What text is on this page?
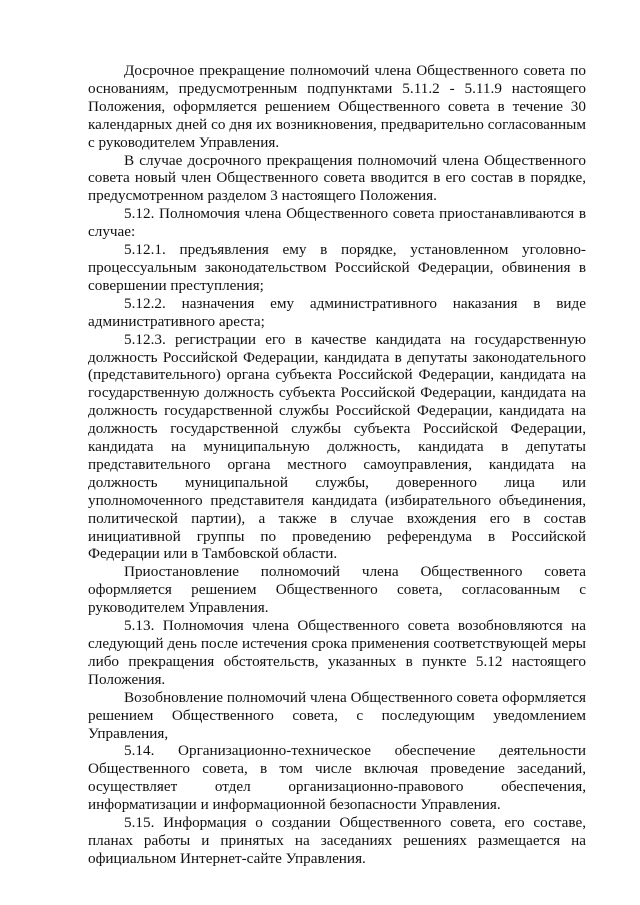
Досрочное прекращение полномочий члена Общественного совета по основаниям, предусмотренным подпунктами 5.11.2 - 5.11.9 настоящего Положения, оформляется решением Общественного совета в течение 30 календарных дней со дня их возникновения, предварительно согласованным с руководителем Управления.

В случае досрочного прекращения полномочий члена Общественного совета новый член Общественного совета вводится в его состав в порядке, предусмотренном разделом 3 настоящего Положения.

5.12. Полномочия члена Общественного совета приостанавливаются в случае:

5.12.1. предъявления ему в порядке, установленном уголовно-процессуальным законодательством Российской Федерации, обвинения в совершении преступления;

5.12.2. назначения ему административного наказания в виде административного ареста;

5.12.3. регистрации его в качестве кандидата на государственную должность Российской Федерации, кандидата в депутаты законодательного (представительного) органа субъекта Российской Федерации, кандидата на государственную должность субъекта Российской Федерации, кандидата на должность государственной службы Российской Федерации, кандидата на должность государственной службы субъекта Российской Федерации, кандидата на муниципальную должность, кандидата в депутаты представительного органа местного самоуправления, кандидата на должность муниципальной службы, доверенного лица или уполномоченного представителя кандидата (избирательного объединения, политической партии), а также в случае вхождения его в состав инициативной группы по проведению референдума в Российской Федерации или в Тамбовской области.

Приостановление полномочий члена Общественного совета оформляется решением Общественного совета, согласованным с руководителем Управления.

5.13. Полномочия члена Общественного совета возобновляются на следующий день после истечения срока применения соответствующей меры либо прекращения обстоятельств, указанных в пункте 5.12 настоящего Положения.

Возобновление полномочий члена Общественного совета оформляется решением Общественного совета, с последующим уведомлением Управления,

5.14. Организационно-техническое обеспечение деятельности Общественного совета, в том числе включая проведение заседаний, осуществляет отдел организационно-правового обеспечения, информатизации и информационной безопасности Управления.

5.15. Информация о создании Общественного совета, его составе, планах работы и принятых на заседаниях решениях размещается на официальном Интернет-сайте Управления.
